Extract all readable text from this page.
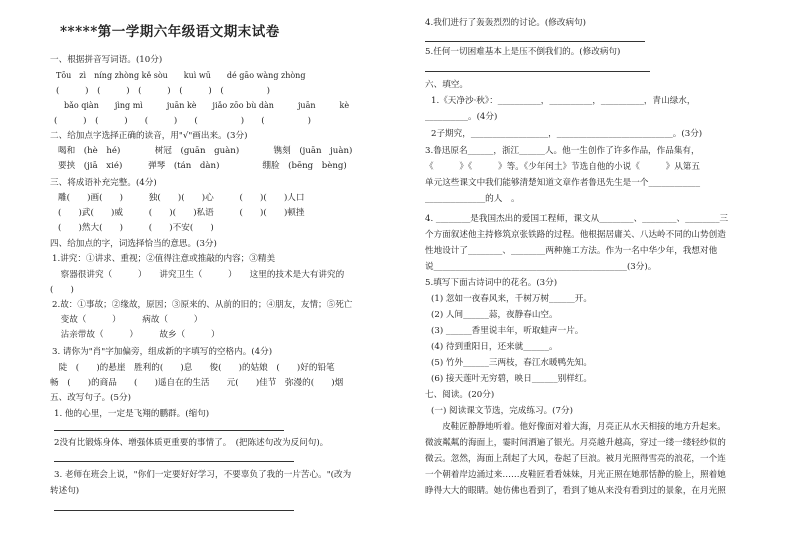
*****第一学期六年级语文期末试卷
一、根据拼音写词语。(10分)
Tōu　zì　níng zhòng kě sòu　　kuì wū　　dé gāo wàng zhòng
(　　　)　(　　　)　(　　　)　(　　　)　(　　　　　)
bǎo qiàn　　jìng mì　　　juān kè　　jiǎo zōo bù dàn　　　juān　　　kè
(　　　)　(　　　)　　(　　　)　　(　　　　　)　　(　　　　　)
二、给加点字选择正确的读音，用"√"画出来。(3分)
喝和　(hè　hé)　　　　树冠　(guān　guàn)　　　　镌刻　(juān　juàn)
要挟　(jiā　xié)　　　弹琴　(tán　dàn)　　　　　绷脸　(bēng　bèng)
三、将成语补充完整。(4分)
雕(　　)画(　　)　　　独(　　)(　　)心　　　(　　)(　　)人口
(　　)武(　　)威　　　(　　)(　　)私语　　　(　　)(　　)顿挫
(　　)然大(　　)　　　(　　)不安(　　)
四、给加点的字，词选择恰当的意思。(3分)
1.讲究：①讲求、重视；②值得注意或推敲的内容；③精美
　察器很讲究（　　　）　　讲究卫生（　　　）　　这里的技术是大有讲究的
(　　)
2.故：①事故；②缘故，原因；③原来的、从前的旧的；④朋友，友情；⑤死亡
　变故（　　　）　　　病故（　　　）
　沾亲带故（　　　）　　　故乡（　　　）
3. 请你为"肖"字加偏旁，组成新的字填写的空格内。(4分)
　陡　(　　)的悬崖　胜利的(　　)息　　俊(　　)的姑娘　(　　)好的铅笔
畅　(　　)的商品　　(　　)遥自在的生活　　元(　　)佳节　弥漫的(　　)烟
五、改写句子。(5分)
1. 他的心里，一定是飞翔的鹏群。(缩句)
2没有比锻炼身体、增强体质更重要的事情了。　(把陈述句改为反问句)。
3. 老师在班会上说，"你们一定要好好学习，不要辜负了我的一片苦心。"(改为
转述句)
4.我们进行了轰轰烈烈的讨论。(修改病句)
5.任何一切困难基本上是压不倒我们的。(修改病句)
六、填空。
1.《天净沙·秋》：__________，__________，__________，青山绿水，
__________。(4分)
2子期究，__________________，___________________________。(3分)
3.鲁迅原名______，浙江______人。他一生创作了许多作品，作品集有，
《　　　》《　　　》等。《少年闰土》节选自他的小说《　　　》从第五
单元这些课文中我们能够清楚知道文章作者鲁迅先生是一个____________
______________的人　。
4. ________是我国杰出的爱国工程师，课文从________、________、________三
个方面叙述他主持修筑京张铁路的过程。他根据居庸关、八达岭不同的山势创造
性地设计了________、________两种施工方法。作为一名中华少年，我想对他
说_____________________________________________(3分)。
5.填写下面古诗词中的花名。(3分)
(1) 忽如一夜春风来，千树万树______开。
(2) 人间______蒜，夜静春山空。
(3) ______香里说丰年，听取蛙声一片。
(4) 待到重阳日，还来就______。
(5) 竹外______三两枝，春江水暖鸭先知。
(6) 接天莲叶无穷碧，映日______别样红。
七、阅读。(20分)
(一) 阅读课文节选，完成练习。(7分)
　　皮鞋匠静静地听着。他好像面对着大海，月亮正从水天相接的地方升起来。
微波粼粼的海面上，霎时间洒遍了银光。月亮越升越高，穿过一缕一缕轻纱似的
微云。忽然，海面上刮起了大风，卷起了巨浪。被月光照得雪亮的浪花，一个连
一个朝着岸边涌过来……皮鞋匠看看妹妹，月光正照在她那恬静的脸上，照着她
睁得大大的眼睛。她仿佛也看到了，看到了她从来没有看到过的景象，在月光照
